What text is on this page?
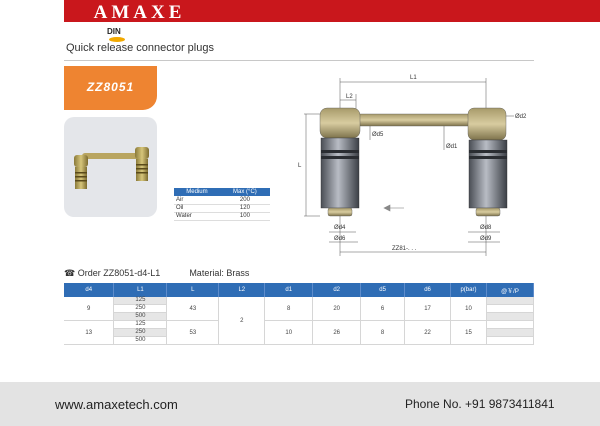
AMAXE
DIN
Quick release connector plugs
ZZ8051
Medium	Max (°C)
Air	200
Oil	120
Water	100
L1
L2
L
Ød2
Ød5
Ød1
Ød4
Ød6
Ød8
Ød9
ZZ81-. . .
☎ Order ZZ8051-d4-L1	Material: Brass
d4	L1	L	L2	d1	d2	d5	d6	p(bar)	@￥/P
9	125	43	2	8	20	6	17	10	
	250								
	500								
13	125	53		10	26	8	22	15	
	250								
	500								
www.amaxetech.com	Phone No. +91 9873411841
